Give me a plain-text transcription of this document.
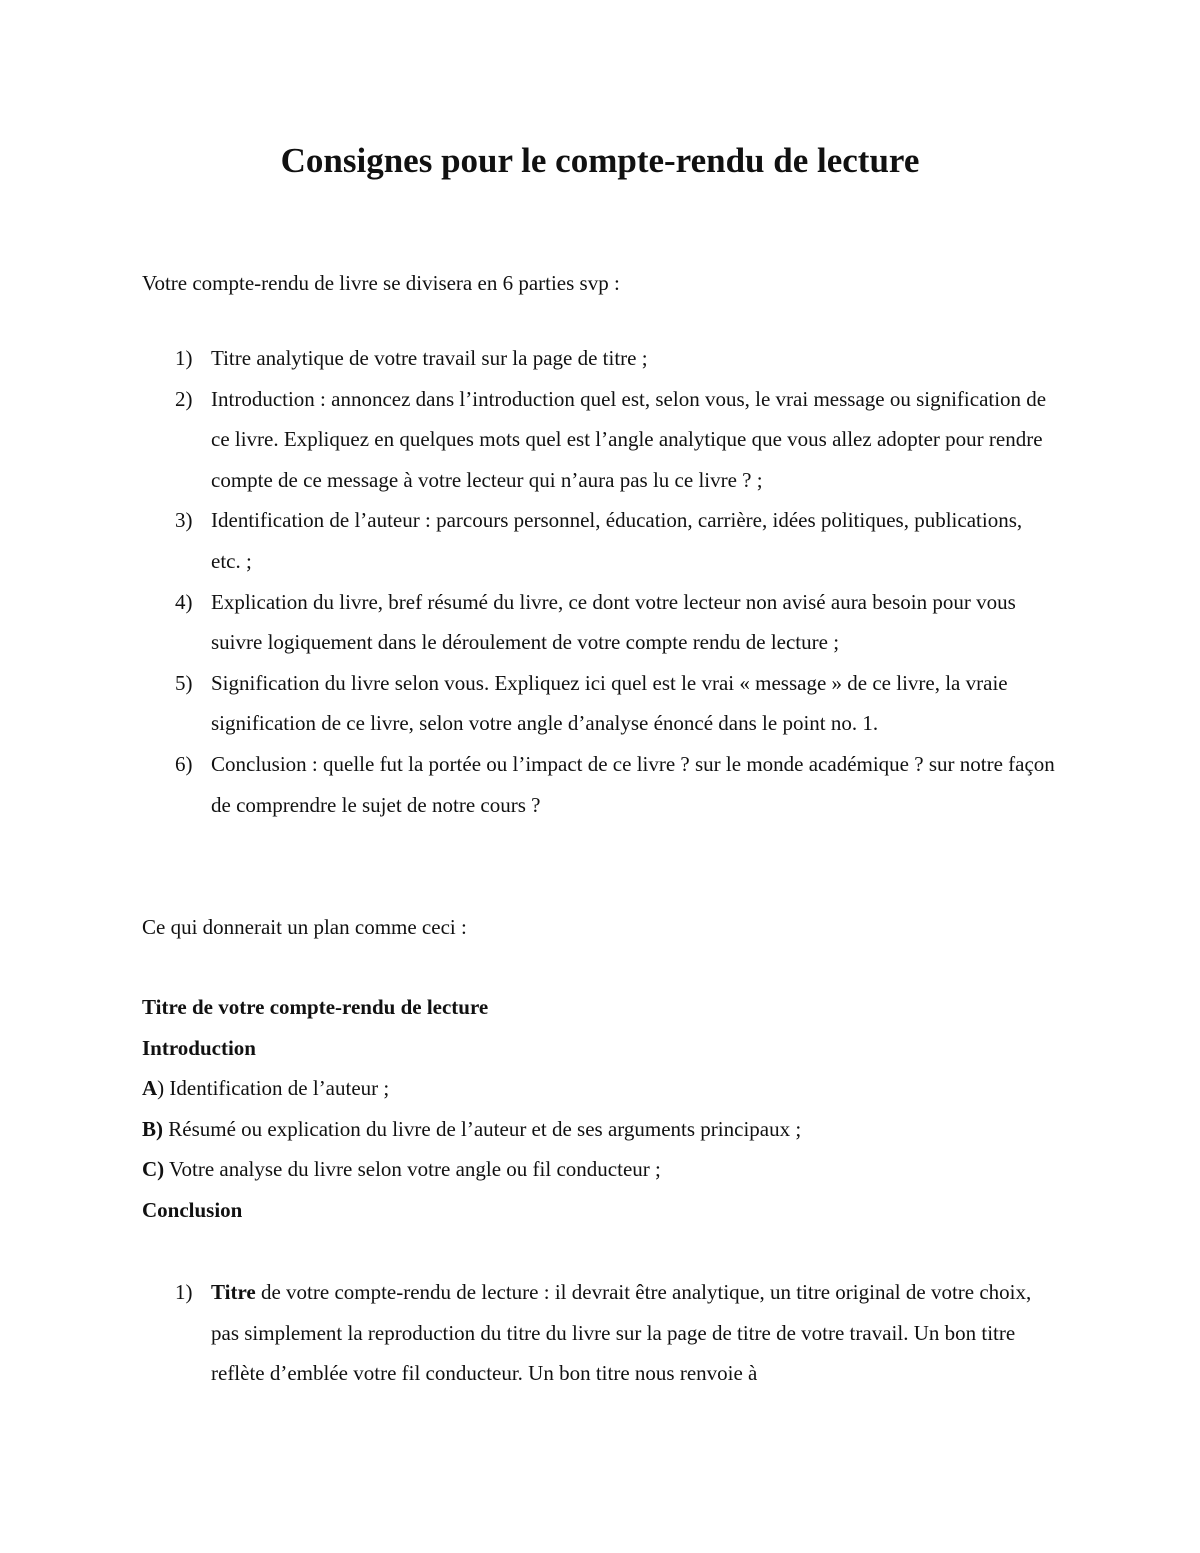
Consignes pour le compte-rendu de lecture

Votre compte-rendu de livre se divisera en 6 parties svp :

1) Titre analytique de votre travail sur la page de titre ;
2) Introduction : annoncez dans l’introduction quel est, selon vous, le vrai message ou signification de ce livre. Expliquez en quelques mots quel est l’angle analytique que vous allez adopter pour rendre compte de ce message à votre lecteur qui n’aura pas lu ce livre ? ;
3) Identification de l’auteur : parcours personnel, éducation, carrière, idées politiques, publications, etc. ;
4) Explication du livre, bref résumé du livre, ce dont votre lecteur non avisé aura besoin pour vous suivre logiquement dans le déroulement de votre compte rendu de lecture ;
5) Signification du livre selon vous. Expliquez ici quel est le vrai « message » de ce livre, la vraie signification de ce livre, selon votre angle d’analyse énoncé dans le point no. 1.
6) Conclusion : quelle fut la portée ou l’impact de ce livre ? sur le monde académique ? sur notre façon de comprendre le sujet de notre cours ?

Ce qui donnerait un plan comme ceci :

Titre de votre compte-rendu de lecture
Introduction
A) Identification de l’auteur ;
B) Résumé ou explication du livre de l’auteur et de ses arguments principaux ;
C) Votre analyse du livre selon votre angle ou fil conducteur ;
Conclusion
1) Titre de votre compte-rendu de lecture : il devrait être analytique, un titre original de votre choix, pas simplement la reproduction du titre du livre sur la page de titre de votre travail. Un bon titre reflète d’emblée votre fil conducteur. Un bon titre nous renvoie à
